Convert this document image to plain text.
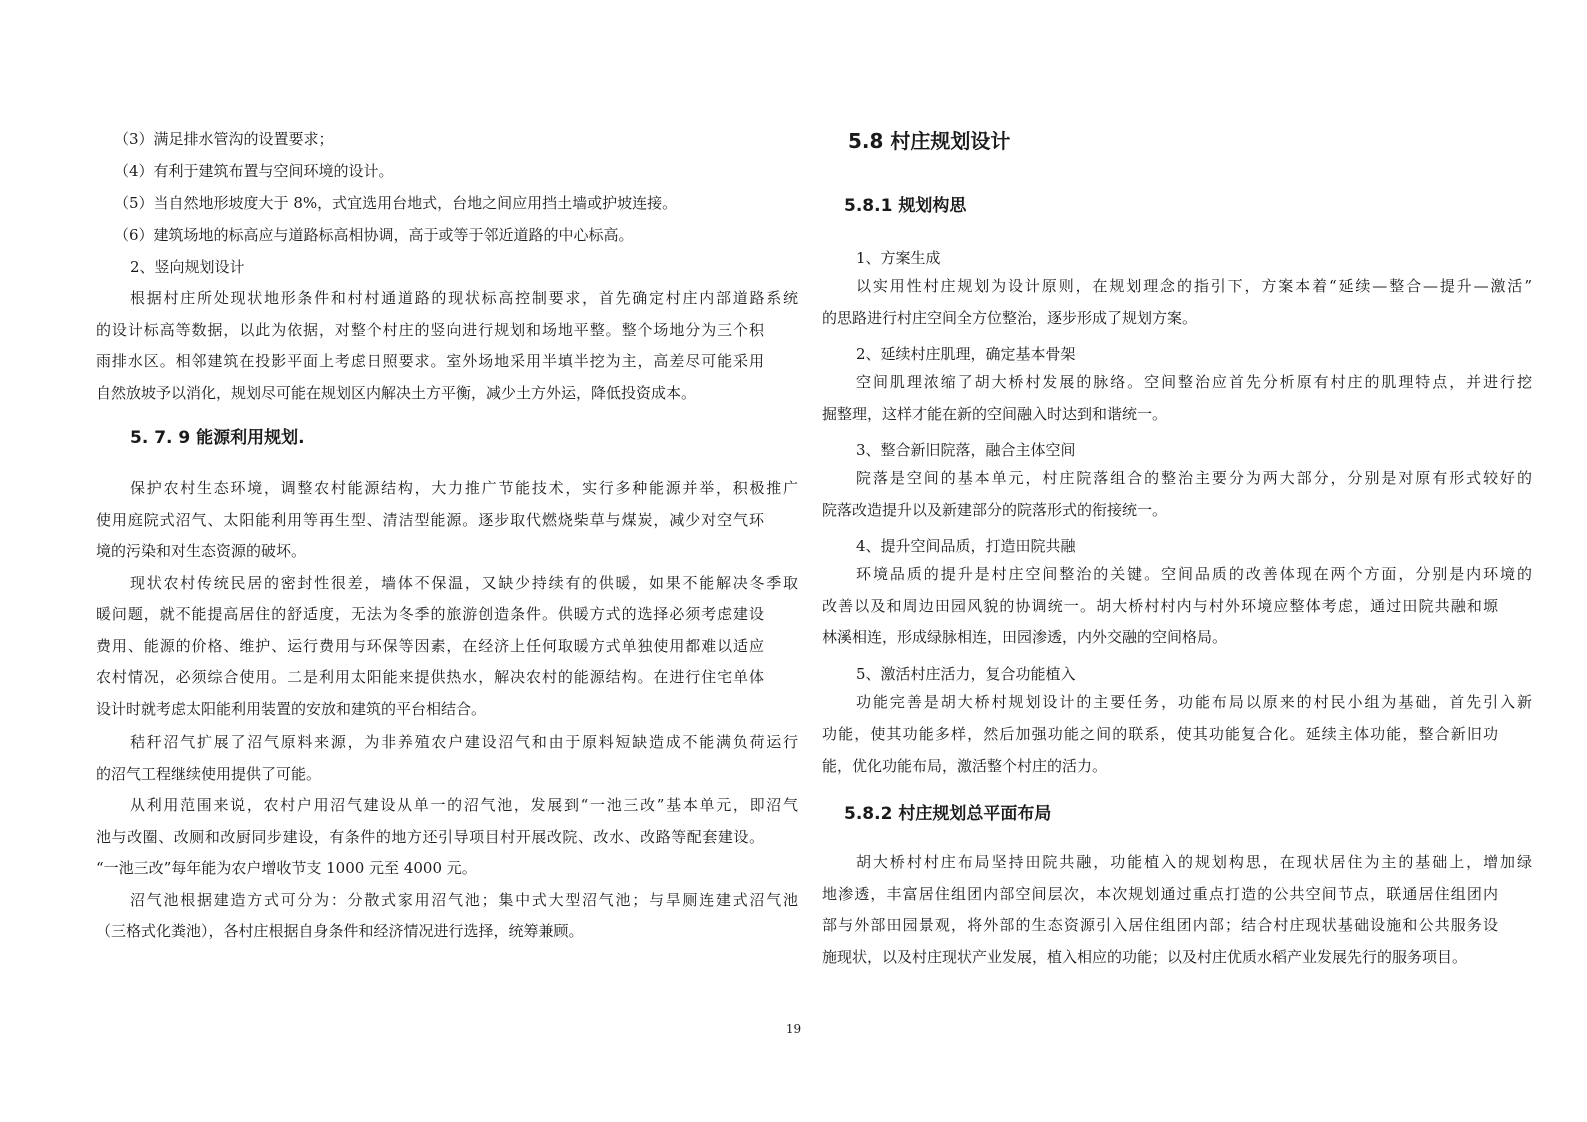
（3）满足排水管沟的设置要求；
（4）有利于建筑布置与空间环境的设计。
（5）当自然地形坡度大于 8%，式宜选用台地式，台地之间应用挡土墙或护坡连接。
（6）建筑场地的标高应与道路标高相协调，高于或等于邻近道路的中心标高。
2、竖向规划设计
根据村庄所处现状地形条件和村村通道路的现状标高控制要求，首先确定村庄内部道路系统
的设计标高等数据，以此为依据，对整个村庄的竖向进行规划和场地平整。整个场地分为三个积
雨排水区。相邻建筑在投影平面上考虑日照要求。室外场地采用半填半挖为主，高差尽可能采用
自然放坡予以消化，规划尽可能在规划区内解决土方平衡，减少土方外运，降低投资成本。
5. 7. 9 能源利用规划.
保护农村生态环境，调整农村能源结构，大力推广节能技术，实行多种能源并举，积极推广
使用庭院式沼气、太阳能利用等再生型、清洁型能源。逐步取代燃烧柴草与煤炭，减少对空气环
境的污染和对生态资源的破坏。
现状农村传统民居的密封性很差，墙体不保温，又缺少持续有的供暖，如果不能解决冬季取
暖问题，就不能提高居住的舒适度，无法为冬季的旅游创造条件。供暖方式的选择必须考虑建设
费用、能源的价格、维护、运行费用与环保等因素，在经济上任何取暖方式单独使用都难以适应
农村情况，必须综合使用。二是利用太阳能来提供热水，解决农村的能源结构。在进行住宅单体
设计时就考虑太阳能利用装置的安放和建筑的平台相结合。
秸秆沼气扩展了沼气原料来源，为非养殖农户建设沼气和由于原料短缺造成不能满负荷运行
的沼气工程继续使用提供了可能。
从利用范围来说，农村户用沼气建设从单一的沼气池，发展到“一池三改”基本单元，即沼气
池与改圈、改厕和改厨同步建设，有条件的地方还引导项目村开展改院、改水、改路等配套建设。
“一池三改”每年能为农户增收节支 1000 元至 4000 元。
沼气池根据建造方式可分为：分散式家用沼气池；集中式大型沼气池；与旱厕连建式沼气池
（三格式化粪池），各村庄根据自身条件和经济情况进行选择，统筹兼顾。
5.8 村庄规划设计
5.8.1 规划构思
1、方案生成
以实用性村庄规划为设计原则，在规划理念的指引下，方案本着“延续—整合—提升—激活”
的思路进行村庄空间全方位整治，逐步形成了规划方案。
2、延续村庄肌理，确定基本骨架
空间肌理浓缩了胡大桥村发展的脉络。空间整治应首先分析原有村庄的肌理特点，并进行挖
掘整理，这样才能在新的空间融入时达到和谐统一。
3、整合新旧院落，融合主体空间
院落是空间的基本单元，村庄院落组合的整治主要分为两大部分，分别是对原有形式较好的
院落改造提升以及新建部分的院落形式的衔接统一。
4、提升空间品质，打造田院共融
环境品质的提升是村庄空间整治的关键。空间品质的改善体现在两个方面，分别是内环境的
改善以及和周边田园风貌的协调统一。胡大桥村村内与村外环境应整体考虑，通过田院共融和塬
林溪相连，形成绿脉相连，田园渗透，内外交融的空间格局。
5、激活村庄活力，复合功能植入
功能完善是胡大桥村规划设计的主要任务，功能布局以原来的村民小组为基础，首先引入新
功能，使其功能多样，然后加强功能之间的联系，使其功能复合化。延续主体功能，整合新旧功
能，优化功能布局，激活整个村庄的活力。
5.8.2 村庄规划总平面布局
胡大桥村村庄布局坚持田院共融，功能植入的规划构思，在现状居住为主的基础上，增加绿
地渗透，丰富居住组团内部空间层次，本次规划通过重点打造的公共空间节点，联通居住组团内
部与外部田园景观，将外部的生态资源引入居住组团内部；结合村庄现状基础设施和公共服务设
施现状，以及村庄现状产业发展，植入相应的功能；以及村庄优质水稻产业发展先行的服务项目。
19
